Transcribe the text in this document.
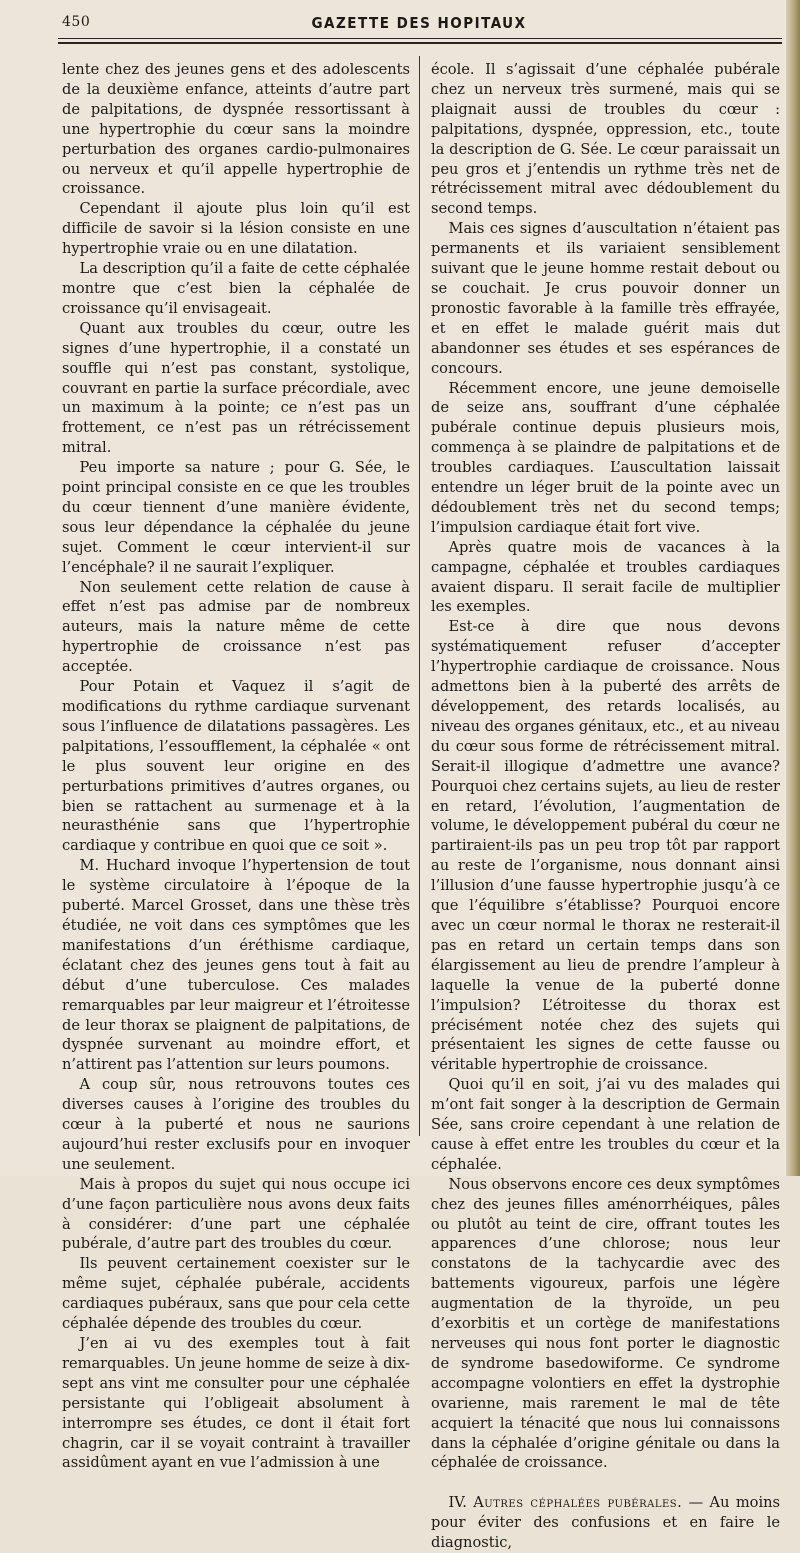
450	GAZETTE DES HOPITAUX

lente chez des jeunes gens et des adolescents de la deuxième enfance, atteints d’autre part de palpitations, de dyspnée ressortissant à une hypertrophie du cœur sans la moindre perturbation des organes cardio-pulmonaires ou nerveux et qu’il appelle hypertrophie de croissance.

Cependant il ajoute plus loin qu’il est difficile de savoir si la lésion consiste en une hypertrophie vraie ou en une dilatation.

La description qu’il a faite de cette céphalée montre que c’est bien la céphalée de croissance qu’il envisageait.

Quant aux troubles du cœur, outre les signes d’une hypertrophie, il a constaté un souffle qui n’est pas constant, systolique, couvrant en partie la surface précordiale, avec un maximum à la pointe; ce n’est pas un frottement, ce n’est pas un rétrécissement mitral.

Peu importe sa nature ; pour G. Sée, le point principal consiste en ce que les troubles du cœur tiennent d’une manière évidente, sous leur dépendance la céphalée du jeune sujet. Comment le cœur intervient-il sur l’encéphale? il ne saurait l’expliquer.

Non seulement cette relation de cause à effet n’est pas admise par de nombreux auteurs, mais la nature même de cette hypertrophie de croissance n’est pas acceptée.

Pour Potain et Vaquez il s’agit de modifications du rythme cardiaque survenant sous l’influence de dilatations passagères. Les palpitations, l’essoufflement, la céphalée « ont le plus souvent leur origine en des perturbations primitives d’autres organes, ou bien se rattachent au surmenage et à la neurasthénie sans que l’hypertrophie cardiaque y contribue en quoi que ce soit ».

M. Huchard invoque l’hypertension de tout le système circulatoire à l’époque de la puberté. Marcel Grosset, dans une thèse très étudiée, ne voit dans ces symptômes que les manifestations d’un éréthisme cardiaque, éclatant chez des jeunes gens tout à fait au début d’une tuberculose. Ces malades remarquables par leur maigreur et l’étroitesse de leur thorax se plaignent de palpitations, de dyspnée survenant au moindre effort, et n’attirent pas l’attention sur leurs poumons.

A coup sûr, nous retrouvons toutes ces diverses causes à l’origine des troubles du cœur à la puberté et nous ne saurions aujourd’hui rester exclusifs pour en invoquer une seulement.

Mais à propos du sujet qui nous occupe ici d’une façon particulière nous avons deux faits à considérer: d’une part une céphalée pubérale, d’autre part des troubles du cœur.

Ils peuvent certainement coexister sur le même sujet, céphalée pubérale, accidents cardiaques pubéraux, sans que pour cela cette céphalée dépende des troubles du cœur.

J’en ai vu des exemples tout à fait remarquables. Un jeune homme de seize à dix-sept ans vint me consulter pour une céphalée persistante qui l’obligeait absolument à interrompre ses études, ce dont il était fort chagrin, car il se voyait contraint à travailler assidûment ayant en vue l’admission à une

école. Il s’agissait d’une céphalée pubérale chez un nerveux très surmené, mais qui se plaignait aussi de troubles du cœur : palpitations, dyspnée, oppression, etc., toute la description de G. Sée. Le cœur paraissait un peu gros et j’entendis un rythme très net de rétrécissement mitral avec dédoublement du second temps.

Mais ces signes d’auscultation n’étaient pas permanents et ils variaient sensiblement suivant que le jeune homme restait debout ou se couchait. Je crus pouvoir donner un pronostic favorable à la famille très effrayée, et en effet le malade guérit mais dut abandonner ses études et ses espérances de concours.

Récemment encore, une jeune demoiselle de seize ans, souffrant d’une céphalée pubérale continue depuis plusieurs mois, commença à se plaindre de palpitations et de troubles cardiaques. L’auscultation laissait entendre un léger bruit de la pointe avec un dédoublement très net du second temps; l’impulsion cardiaque était fort vive.

Après quatre mois de vacances à la campagne, céphalée et troubles cardiaques avaient disparu. Il serait facile de multiplier les exemples.

Est-ce à dire que nous devons systématiquement refuser d’accepter l’hypertrophie cardiaque de croissance. Nous admettons bien à la puberté des arrêts de développement, des retards localisés, au niveau des organes génitaux, etc., et au niveau du cœur sous forme de rétrécissement mitral. Serait-il illogique d’admettre une avance? Pourquoi chez certains sujets, au lieu de rester en retard, l’évolution, l’augmentation de volume, le développement pubéral du cœur ne partiraient-ils pas un peu trop tôt par rapport au reste de l’organisme, nous donnant ainsi l’illusion d’une fausse hypertrophie jusqu’à ce que l’équilibre s’établisse? Pourquoi encore avec un cœur normal le thorax ne resterait-il pas en retard un certain temps dans son élargissement au lieu de prendre l’ampleur à laquelle la venue de la puberté donne l’impulsion? L’étroitesse du thorax est précisément notée chez des sujets qui présentaient les signes de cette fausse ou véritable hypertrophie de croissance.

Quoi qu’il en soit, j’ai vu des malades qui m’ont fait songer à la description de Germain Sée, sans croire cependant à une relation de cause à effet entre les troubles du cœur et la céphalée.

Nous observons encore ces deux symptômes chez des jeunes filles aménorrhéiques, pâles ou plutôt au teint de cire, offrant toutes les apparences d’une chlorose; nous leur constatons de la tachycardie avec des battements vigoureux, parfois une légère augmentation de la thyroïde, un peu d’exorbitis et un cortège de manifestations nerveuses qui nous font porter le diagnostic de syndrome basedowiforme. Ce syndrome accompagne volontiers en effet la dystrophie ovarienne, mais rarement le mal de tête acquiert la ténacité que nous lui connaissons dans la céphalée d’origine génitale ou dans la céphalée de croissance.

IV. Autres céphalées pubérales. — Au moins pour éviter des confusions et en faire le diagnostic,
